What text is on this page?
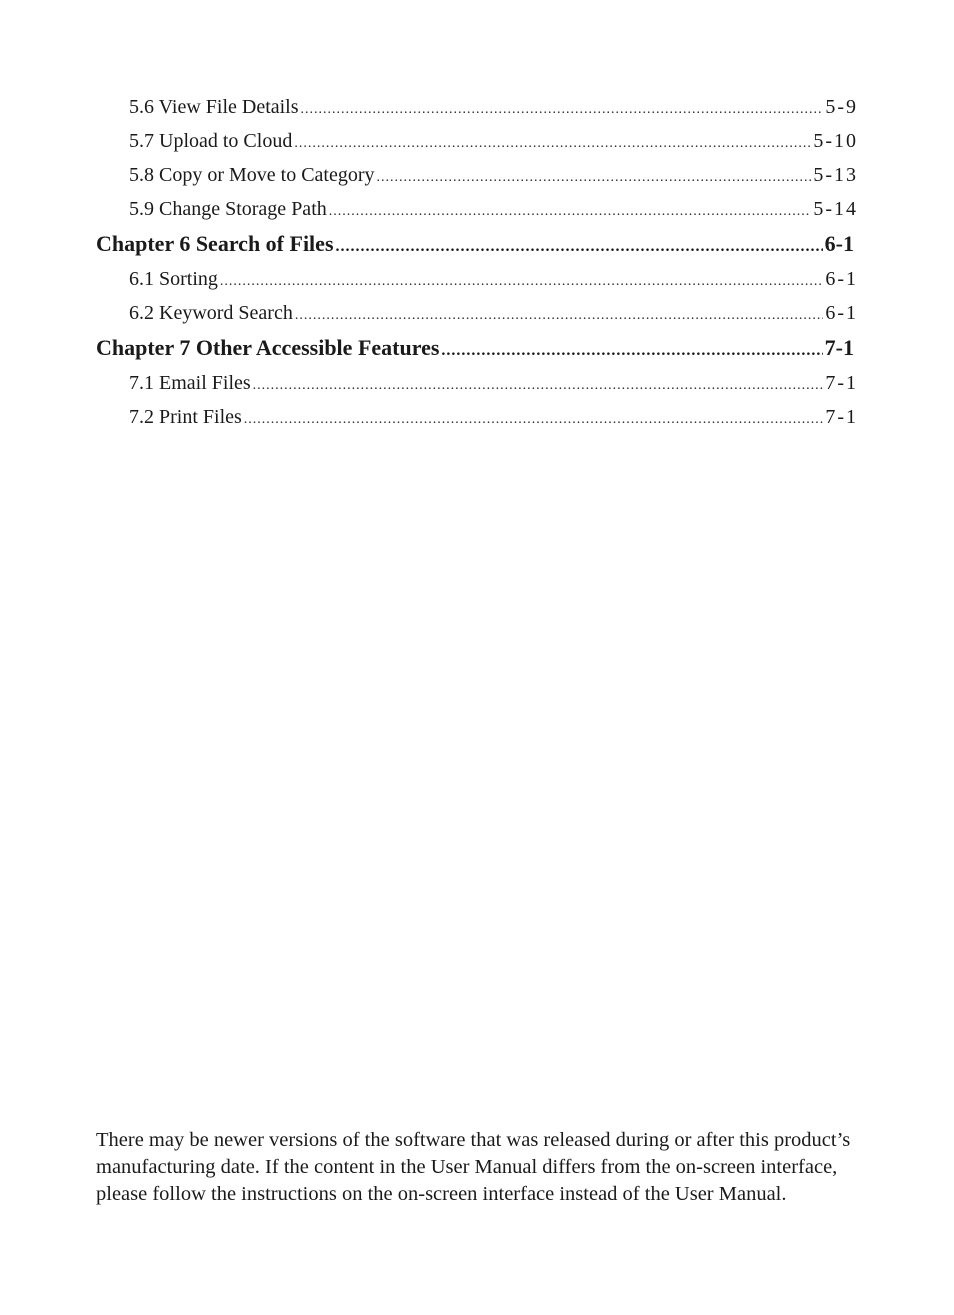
5.6 View File Details .....	5-9
5.7 Upload to Cloud .....	5-10
5.8 Copy or Move to Category .....	5-13
5.9 Change Storage Path .....	5-14
Chapter 6 Search of Files .....	6-1
6.1 Sorting .....	6-1
6.2 Keyword Search .....	6-1
Chapter 7 Other Accessible Features .....	7-1
7.1 Email Files .....	7-1
7.2 Print Files .....	7-1

There may be newer versions of the software that was released during or after this product’s manufacturing date. If the content in the User Manual differs from the on-screen interface, please follow the instructions on the on-screen interface instead of the User Manual.
